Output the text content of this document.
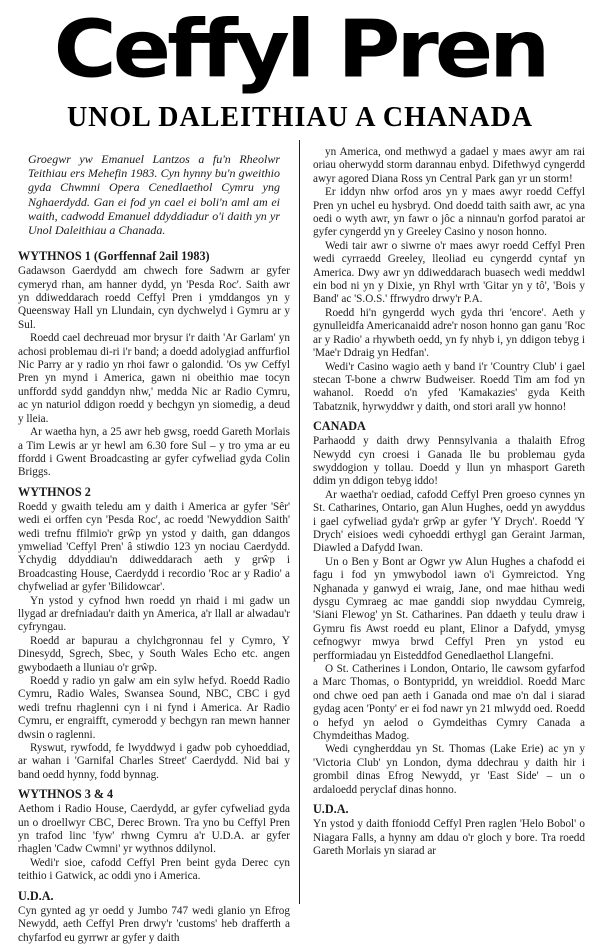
Ceffyl Pren
UNOL DALEITHIAU A CHANADA
Groegwr yw Emanuel Lantzos a fu'n Rheolwr Teithiau ers Mehefin 1983. Cyn hynny bu'n gweithio gyda Chwmni Opera Cenedlaethol Cymru yng Nghaerdydd. Gan ei fod yn cael ei boli'n aml am ei waith, cadwodd Emanuel ddyddiadur o'i daith yn yr Unol Daleithiau a Chanada.
WYTHNOS 1 (Gorffennaf 2ail 1983)

Gadawson Gaerdydd am chwech fore Sadwrn ar gyfer cymeryd rhan, am hanner dydd, yn 'Pesda Roc'. Saith awr yn ddiweddarach roedd Ceffyl Pren i ymddangos yn y Queensway Hall yn Llundain, cyn dychwelyd i Gymru ar y Sul.

Roedd cael dechreuad mor brysur i'r daith 'Ar Garlam' yn achosi problemau di-ri i'r band; a doedd adolygiad anffurfiol Nic Parry ar y radio yn rhoi fawr o galondid. 'Os yw Ceffyl Pren yn mynd i America, gawn ni obeithio mae tocyn unffordd sydd ganddyn nhw,' medda Nic ar Radio Cymru, ac yn naturiol ddigon roedd y bechgyn yn siomedig, a deud y lleia.

Ar waetha hyn, a 25 awr heb gwsg, roedd Gareth Morlais a Tim Lewis ar yr hewl am 6.30 fore Sul – y tro yma ar eu ffordd i Gwent Broadcasting ar gyfer cyfweliad gyda Colin Briggs.

WYTHNOS 2

Roedd y gwaith teledu am y daith i America ar gyfer 'Sêr' wedi ei orffen cyn 'Pesda Roc', ac roedd 'Newyddion Saith' wedi trefnu ffilmio'r grŵp yn ystod y daith, gan ddangos ymweliad 'Ceffyl Pren' â stiwdio 123 yn nociau Caerdydd. Ychydig ddyddiau'n ddiweddarach aeth y grŵp i Broadcasting House, Caerdydd i recordio 'Roc ar y Radio' a chyfweliad ar gyfer 'Bilidowcar'.

Yn ystod y cyfnod hwn roedd yn rhaid i mi gadw un llygad ar drefniadau'r daith yn America, a'r llall ar alwadau'r cyfryngau.

Roedd ar bapurau a chylchgronnau fel y Cymro, Y Dinesydd, Sgrech, Sbec, y South Wales Echo etc. angen gwybodaeth a lluniau o'r grŵp.

Roedd y radio yn galw am ein sylw hefyd. Roedd Radio Cymru, Radio Wales, Swansea Sound, NBC, CBC i gyd wedi trefnu rhaglenni cyn i ni fynd i America. Ar Radio Cymru, er engraifft, cymerodd y bechgyn ran mewn hanner dwsin o raglenni.

Ryswut, rywfodd, fe lwyddwyd i gadw pob cyhoeddiad, ar wahan i 'Garnifal Charles Street' Caerdydd. Nid bai y band oedd hynny, fodd bynnag.

WYTHNOS 3 & 4

Aethom i Radio House, Caerdydd, ar gyfer cyfweliad gyda un o droellwyr CBC, Derec Brown. Tra yno bu Ceffyl Pren yn trafod linc 'fyw' rhwng Cymru a'r U.D.A. ar gyfer rhaglen 'Cadw Cwmni' yr wythnos ddilynol.

Wedi'r sioe, cafodd Ceffyl Pren beint gyda Derec cyn teithio i Gatwick, ac oddi yno i America.

U.D.A.

Cyn gynted ag yr oedd y Jumbo 747 wedi glanio yn Efrog Newydd, aeth Ceffyl Pren drwy'r 'customs' heb drafferth a chyfarfod eu gyrrwr ar gyfer y daith

yn America, ond methwyd a gadael y maes awyr am rai oriau oherwydd storm darannau enbyd. Difethwyd cyngerdd awyr agored Diana Ross yn Central Park gan yr un storm!

Er iddyn nhw orfod aros yn y maes awyr roedd Ceffyl Pren yn uchel eu hysbryd. Ond doedd taith saith awr, ac yna oedi o wyth awr, yn fawr o jôc a ninnau'n gorfod paratoi ar gyfer cyngerdd yn y Greeley Casino y noson honno.

Wedi tair awr o siwrne o'r maes awyr roedd Ceffyl Pren wedi cyrraedd Greeley, lleoliad eu cyngerdd cyntaf yn America. Dwy awr yn ddiweddarach buasech wedi meddwl ein bod ni yn y Dixie, yn Rhyl wrth 'Gitar yn y tô', 'Bois y Band' ac 'S.O.S.' ffrwydro drwy'r P.A.

Roedd hi'n gyngerdd wych gyda thri 'encore'. Aeth y gynulleidfa Americanaidd adre'r noson honno gan ganu 'Roc ar y Radio' a rhywbeth oedd, yn fy nhyb i, yn ddigon tebyg i 'Mae'r Ddraig yn Hedfan'.

Wedi'r Casino wagio aeth y band i'r 'Country Club' i gael stecan T-bone a chwrw Budweiser. Roedd Tim am fod yn wahanol. Roedd o'n yfed 'Kamakazies' gyda Keith Tabatznik, hyrwyddwr y daith, ond stori arall yw honno!

CANADA

Parhaodd y daith drwy Pennsylvania a thalaith Efrog Newydd cyn croesi i Ganada lle bu problemau gyda swyddogion y tollau. Doedd y llun yn mhasport Gareth ddim yn ddigon tebyg iddo!

Ar waetha'r oediad, cafodd Ceffyl Pren groeso cynnes yn St. Catharines, Ontario, gan Alun Hughes, oedd yn awyddus i gael cyfweliad gyda'r grŵp ar gyfer 'Y Drych'. Roedd 'Y Drych' eisioes wedi cyhoeddi erthygl gan Geraint Jarman, Diawled a Dafydd Iwan.

Un o Ben y Bont ar Ogwr yw Alun Hughes a chafodd ei fagu i fod yn ymwybodol iawn o'i Gymreictod. Yng Nghanada y ganwyd ei wraig, Jane, ond mae hithau wedi dysgu Cymraeg ac mae ganddi siop nwyddau Cymreig, 'Siani Flewog' yn St. Catharines. Pan ddaeth y teulu draw i Gymru fis Awst roedd eu plant, Elinor a Dafydd, ymysg cefnogwyr mwya brwd Ceffyl Pren yn ystod eu perfformiadau yn Eisteddfod Genedlaethol Llangefni.

O St. Catherines i London, Ontario, lle cawsom gyfarfod a Marc Thomas, o Bontypridd, yn wreiddiol. Roedd Marc ond chwe oed pan aeth i Ganada ond mae o'n dal i siarad gydag acen 'Ponty' er ei fod nawr yn 21 mlwydd oed. Roedd o hefyd yn aelod o Gymdeithas Cymry Canada a Chymdeithas Madog.

Wedi cyngherddau yn St. Thomas (Lake Erie) ac yn y 'Victoria Club' yn London, dyma ddechrau y daith hir i grombil dinas Efrog Newydd, yr 'East Side' – un o ardaloedd peryclaf dinas honno.

U.D.A.

Yn ystod y daith ffoniodd Ceffyl Pren raglen 'Helo Bobol' o Niagara Falls, a hynny am ddau o'r gloch y bore. Tra roedd Gareth Morlais yn siarad ar
